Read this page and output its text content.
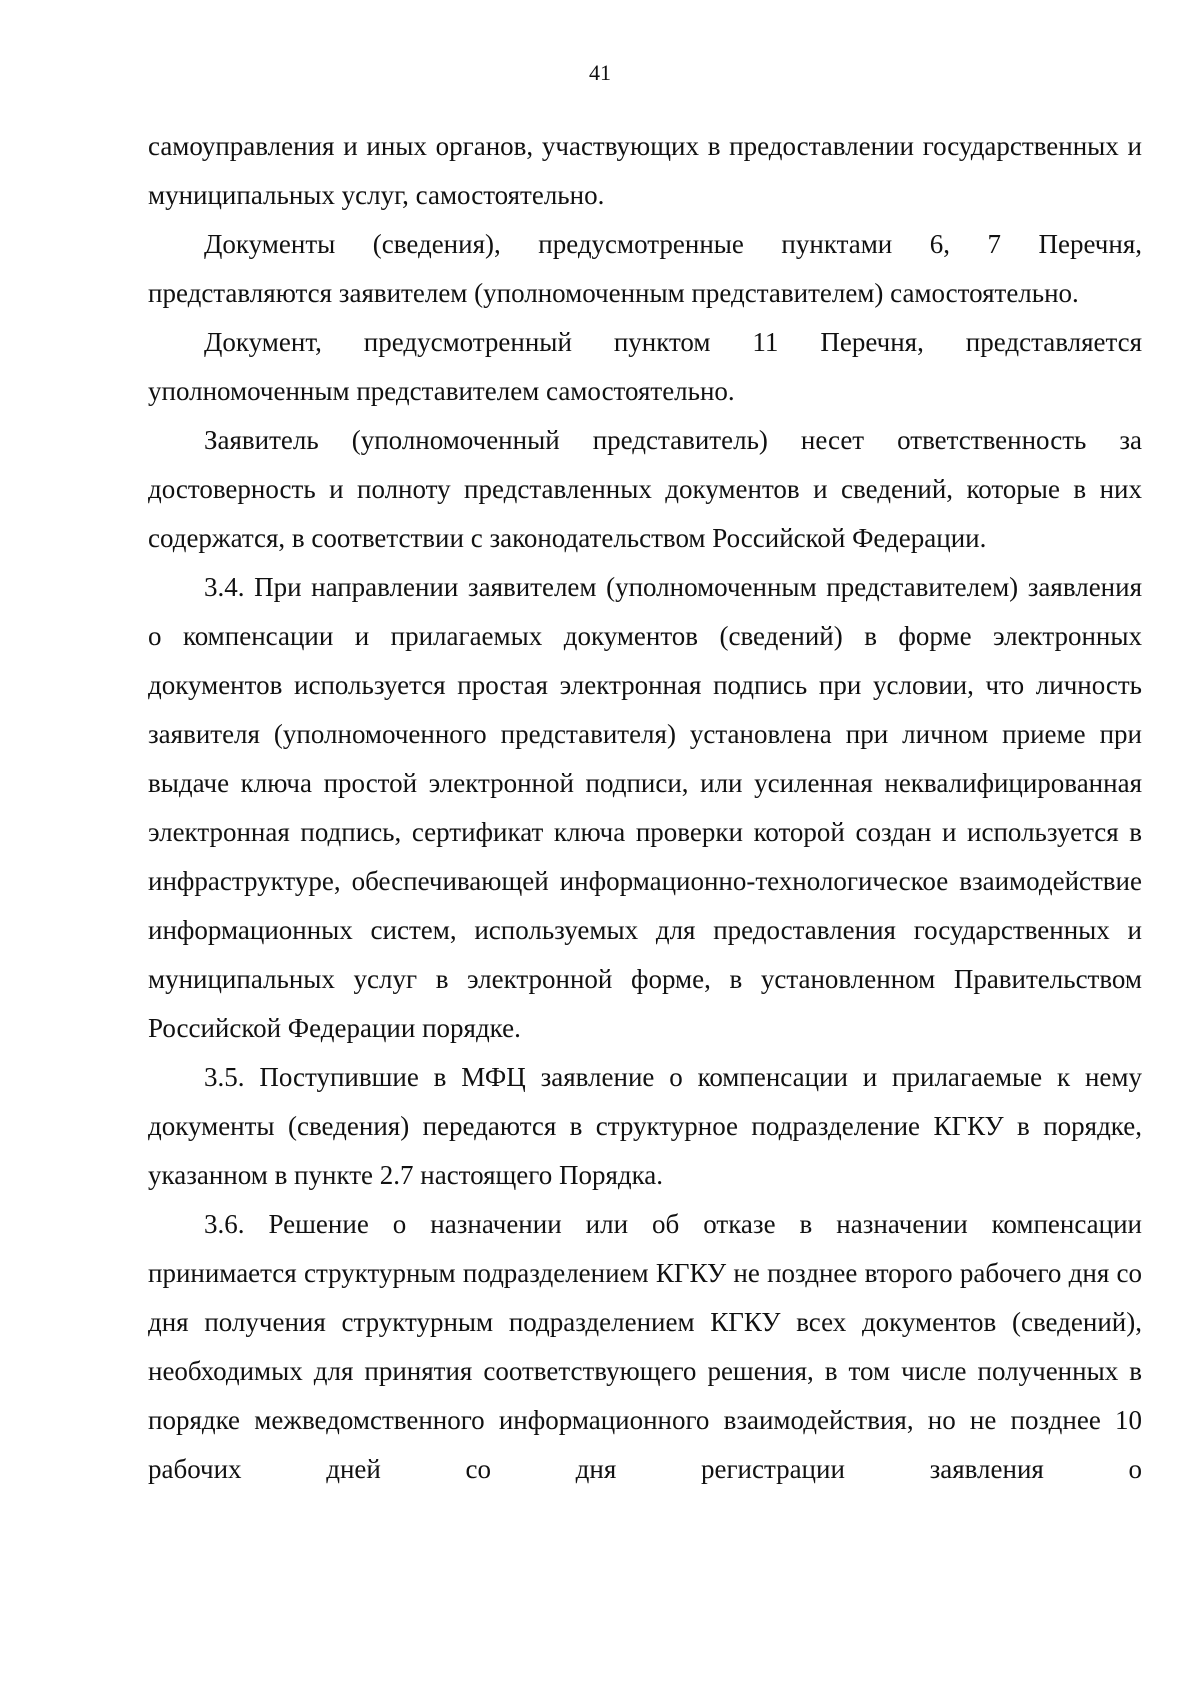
41

самоуправления и иных органов, участвующих в предоставлении государственных и муниципальных услуг, самостоятельно.

Документы (сведения), предусмотренные пунктами 6, 7 Перечня, представляются заявителем (уполномоченным представителем) самостоятельно.

Документ, предусмотренный пунктом 11 Перечня, представляется уполномоченным представителем самостоятельно.

Заявитель (уполномоченный представитель) несет ответственность за достоверность и полноту представленных документов и сведений, которые в них содержатся, в соответствии с законодательством Российской Федерации.

3.4. При направлении заявителем (уполномоченным представителем) заявления о компенсации и прилагаемых документов (сведений) в форме электронных документов используется простая электронная подпись при условии, что личность заявителя (уполномоченного представителя) установлена при личном приеме при выдаче ключа простой электронной подписи, или усиленная неквалифицированная электронная подпись, сертификат ключа проверки которой создан и используется в инфраструктуре, обеспечивающей информационно-технологическое взаимодействие информационных систем, используемых для предоставления государственных и муниципальных услуг в электронной форме, в установленном Правительством Российской Федерации порядке.

3.5. Поступившие в МФЦ заявление о компенсации и прилагаемые к нему документы (сведения) передаются в структурное подразделение КГКУ в порядке, указанном в пункте 2.7 настоящего Порядка.

3.6. Решение о назначении или об отказе в назначении компенсации принимается структурным подразделением КГКУ не позднее второго рабочего дня со дня получения структурным подразделением КГКУ всех документов (сведений), необходимых для принятия соответствующего решения, в том числе полученных в порядке межведомственного информационного взаимодействия, но не позднее 10 рабочих дней со дня регистрации заявления о
